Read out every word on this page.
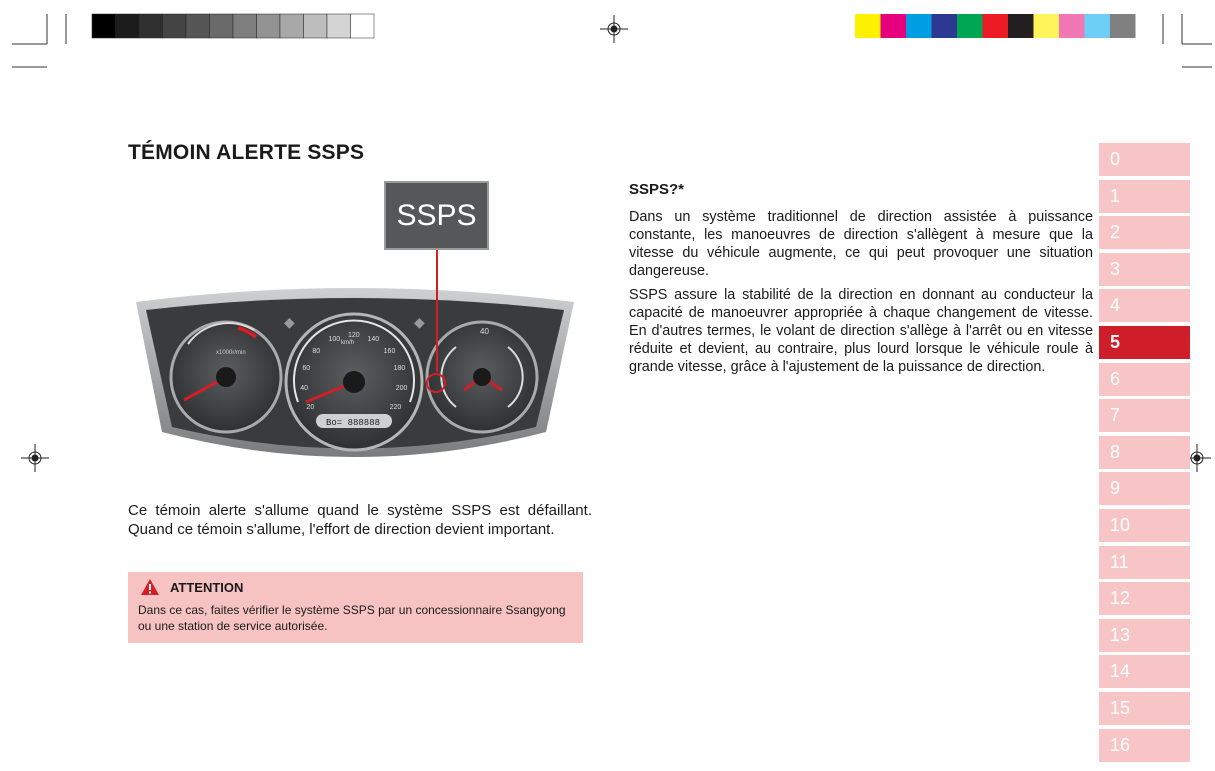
TÉMOIN ALERTE SSPS
x1000r/min
km/h
20
40
60
80
100
120
140
160
180
200
220
Bo= 888888
40
◆	◆
SSPS
Ce témoin alerte s'allume quand le système SSPS est défaillant. Quand ce témoin s'allume, l'effort de direction devient important.
ATTENTION
Dans ce cas, faites vérifier le système SSPS par un concessionnaire Ssangyong ou une station de service autorisée.
SSPS?*

Dans un système traditionnel de direction assistée à puissance constante, les manoeuvres de direction s'allègent à mesure que la vitesse du véhicule augmente, ce qui peut provoquer une situation dangereuse.

SSPS assure la stabilité de la direction en donnant au conducteur la capacité de manoeuvrer appropriée à chaque changement de vitesse. En d'autres termes, le volant de direction s'allège à l'arrêt ou en vitesse réduite et devient, au contraire, plus lourd lorsque le véhicule roule à grande vitesse, grâce à l'ajustement de la puissance de direction.

0
1
2
3
4
5
6
7
8
9
10
11
12
13
14
15
16
